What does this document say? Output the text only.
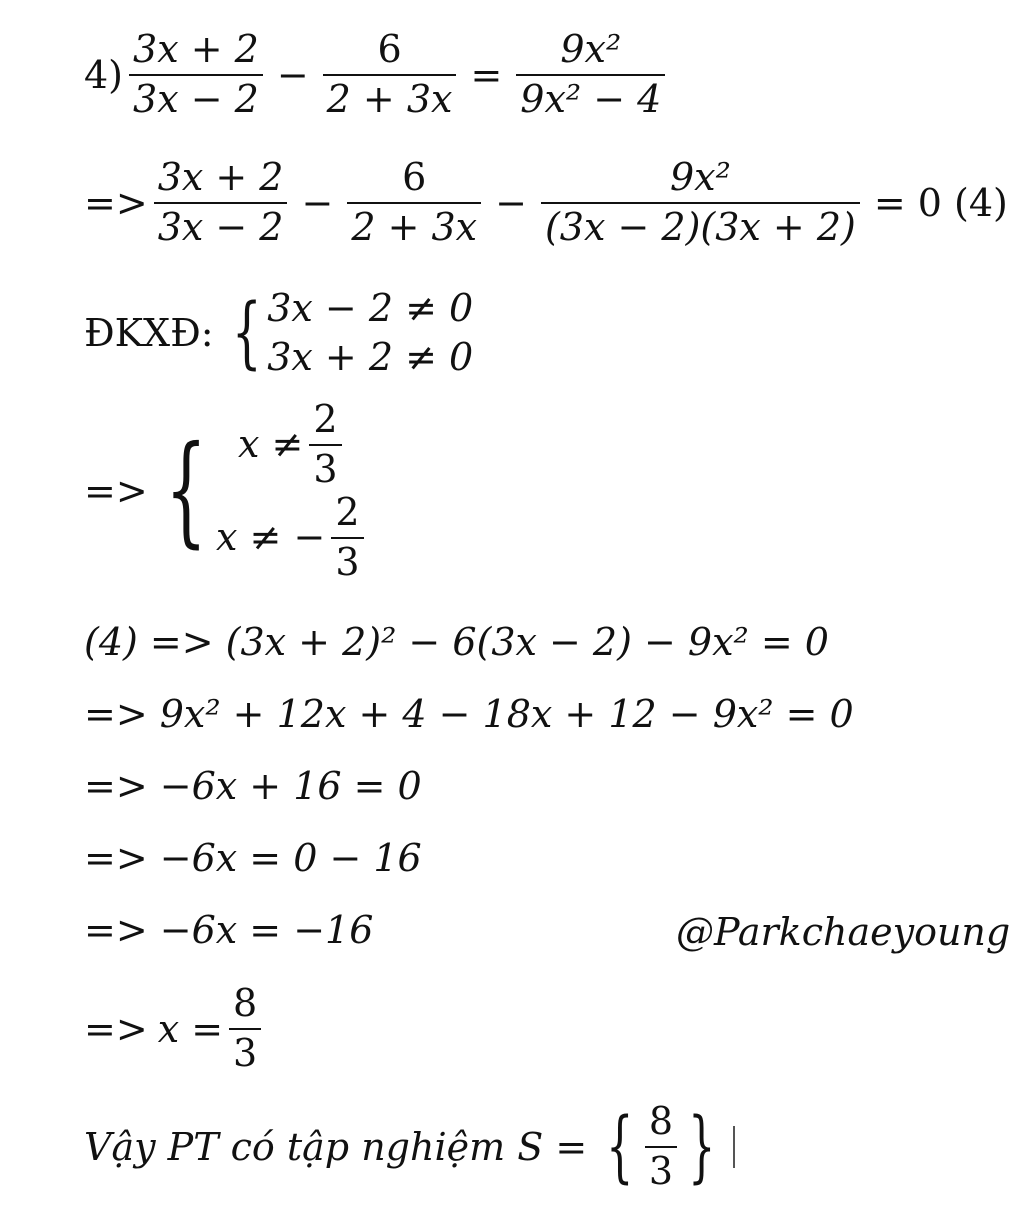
$4) \frac{3x + 2}{3x - 2} - \frac{6}{2 + 3x} = \frac{\text{9x²}}{\text{9x² − 4}}$
=> $\frac{3x + 2}{3x - 2} - \frac{6}{2 + 3x} - \frac{\text{9x²}}{(3x - 2)(3x + 2)} = 0$ (4)
ĐKXĐ: { 3x − 2 ≠ 0
3x + 2 ≠ 0
=> { $x \ne \frac{2}{3}$
x ≠ − $\frac{2}{3}$
(4) => (3x + 2)² − 6(3x − 2) − 9x² = 0
=> 9x² + 12x + 4 − 18x + 12 − 9x² = 0
=> −6x + 16 = 0
=> −6x = 0 − 16
=> −6x = −16	@Parkchaeyoung
=> $x = \frac{8}{3}$
Vậy PT có tập nghiệm S = { $\frac{8}{3}$ }
